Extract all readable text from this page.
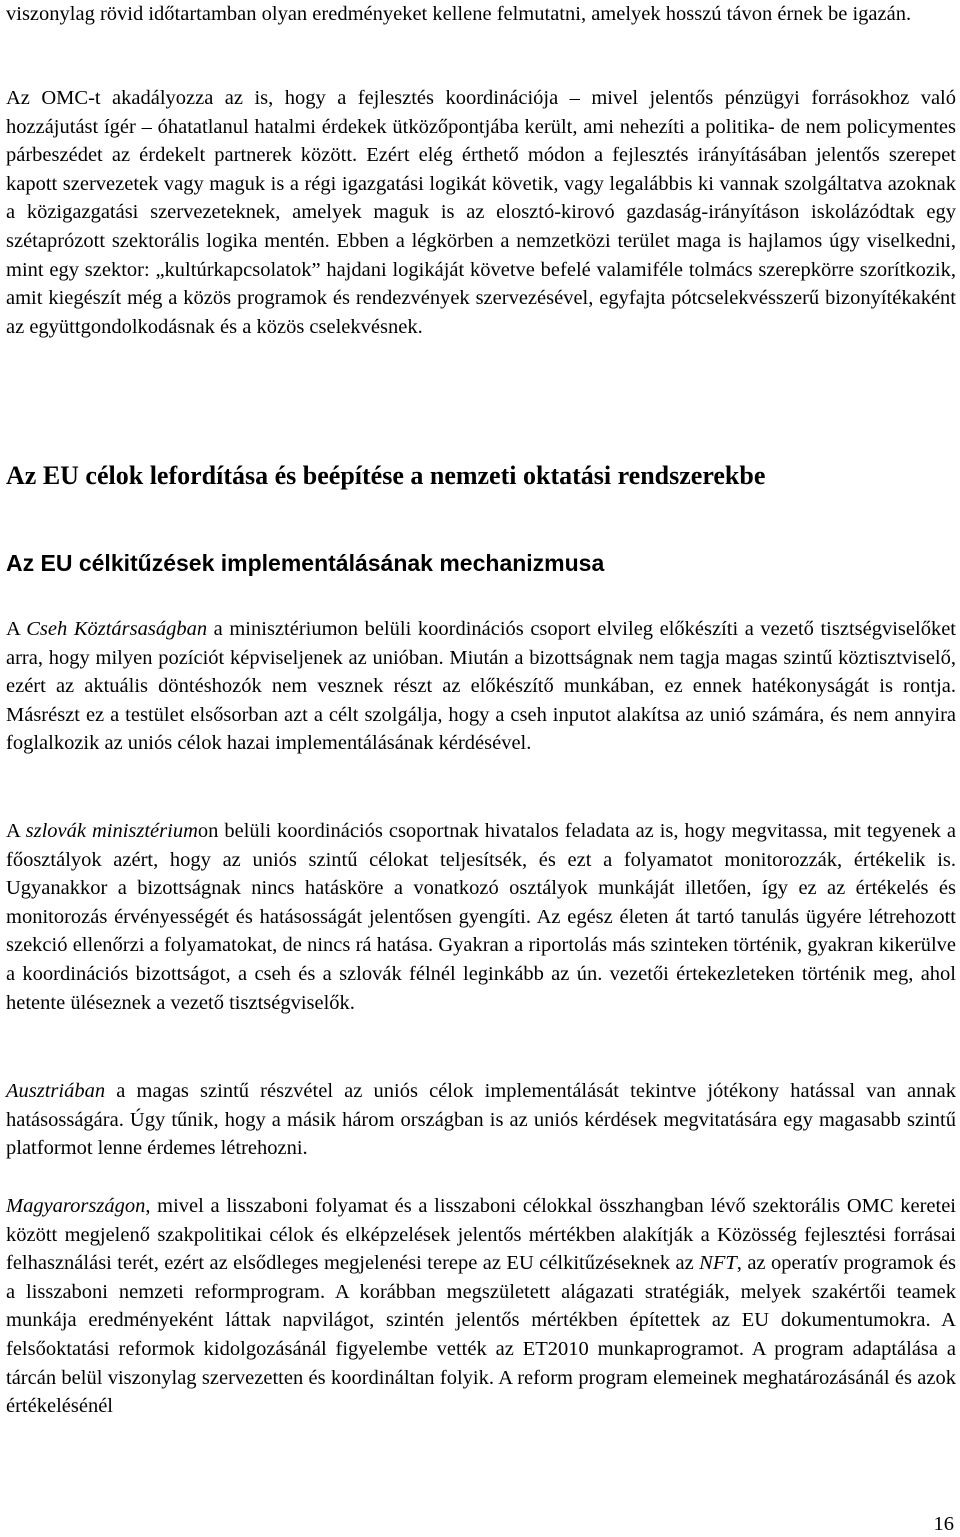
viszonylag rövid időtartamban olyan eredményeket kellene felmutatni, amelyek hosszú távon érnek be igazán.

Az OMC-t akadályozza az is, hogy a fejlesztés koordinációja – mivel jelentős pénzügyi forrásokhoz való hozzájutást ígér – óhatatlanul hatalmi érdekek ütközőpontjába került, ami nehezíti a politika- de nem policymentes párbeszédet az érdekelt partnerek között. Ezért elég érthető módon a fejlesztés irányításában jelentős szerepet kapott szervezetek vagy maguk is a régi igazgatási logikát követik, vagy legalábbis ki vannak szolgáltatva azoknak a közigazgatási szervezeteknek, amelyek maguk is az elosztó-kirovó gazdaság-irányításon iskolázódtak egy szétaprózott szektorális logika mentén. Ebben a légkörben a nemzetközi terület maga is hajlamos úgy viselkedni, mint egy szektor: „kultúrkapcsolatok” hajdani logikáját követve befelé valamiféle tolmács szerepkörre szorítkozik, amit kiegészít még a közös programok és rendezvények szervezésével, egyfajta pótcselekvésszerű bizonyítékaként az együttgondolkodásnak és a közös cselekvésnek.

Az EU célok lefordítása és beépítése a nemzeti oktatási rendszerekbe
Az EU célkitűzések implementálásának mechanizmusa

A Cseh Köztársaságban a minisztériumon belüli koordinációs csoport elvileg előkészíti a vezető tisztségviselőket arra, hogy milyen pozíciót képviseljenek az unióban. Miután a bizottságnak nem tagja magas szintű köztisztviselő, ezért az aktuális döntéshozók nem vesznek részt az előkészítő munkában, ez ennek hatékonyságát is rontja. Másrészt ez a testület elsősorban azt a célt szolgálja, hogy a cseh inputot alakítsa az unió számára, és nem annyira foglalkozik az uniós célok hazai implementálásának kérdésével.

A szlovák minisztériumon belüli koordinációs csoportnak hivatalos feladata az is, hogy megvitassa, mit tegyenek a főosztályok azért, hogy az uniós szintű célokat teljesítsék, és ezt a folyamatot monitorozzák, értékelik is. Ugyanakkor a bizottságnak nincs hatásköre a vonatkozó osztályok munkáját illetően, így ez az értékelés és monitorozás érvényességét és hatásosságát jelentősen gyengíti. Az egész életen át tartó tanulás ügyére létrehozott szekció ellenőrzi a folyamatokat, de nincs rá hatása. Gyakran a riportolás más szinteken történik, gyakran kikerülve a koordinációs bizottságot, a cseh és a szlovák félnél leginkább az ún. vezetői értekezleteken történik meg, ahol hetente üléseznek a vezető tisztségviselők.

Ausztriában a magas szintű részvétel az uniós célok implementálását tekintve jótékony hatással van annak hatásosságára. Úgy tűnik, hogy a másik három országban is az uniós kérdések megvitatására egy magasabb szintű platformot lenne érdemes létrehozni.

Magyarországon, mivel a lisszaboni folyamat és a lisszaboni célokkal összhangban lévő szektorális OMC keretei között megjelenő szakpolitikai célok és elképzelések jelentős mértékben alakítják a Közösség fejlesztési forrásai felhasználási terét, ezért az elsődleges megjelenési terepe az EU célkitűzéseknek az NFT, az operatív programok és a lisszaboni nemzeti reformprogram. A korábban megszületett alágazati stratégiák, melyek szakértői teamek munkája eredményeként láttak napvilágot, szintén jelentős mértékben építettek az EU dokumentumokra. A felsőoktatási reformok kidolgozásánál figyelembe vették az ET2010 munkaprogramot. A program adaptálása a tárcán belül viszonylag szervezetten és koordináltan folyik. A reform program elemeinek meghatározásánál és azok értékelésénél

16
